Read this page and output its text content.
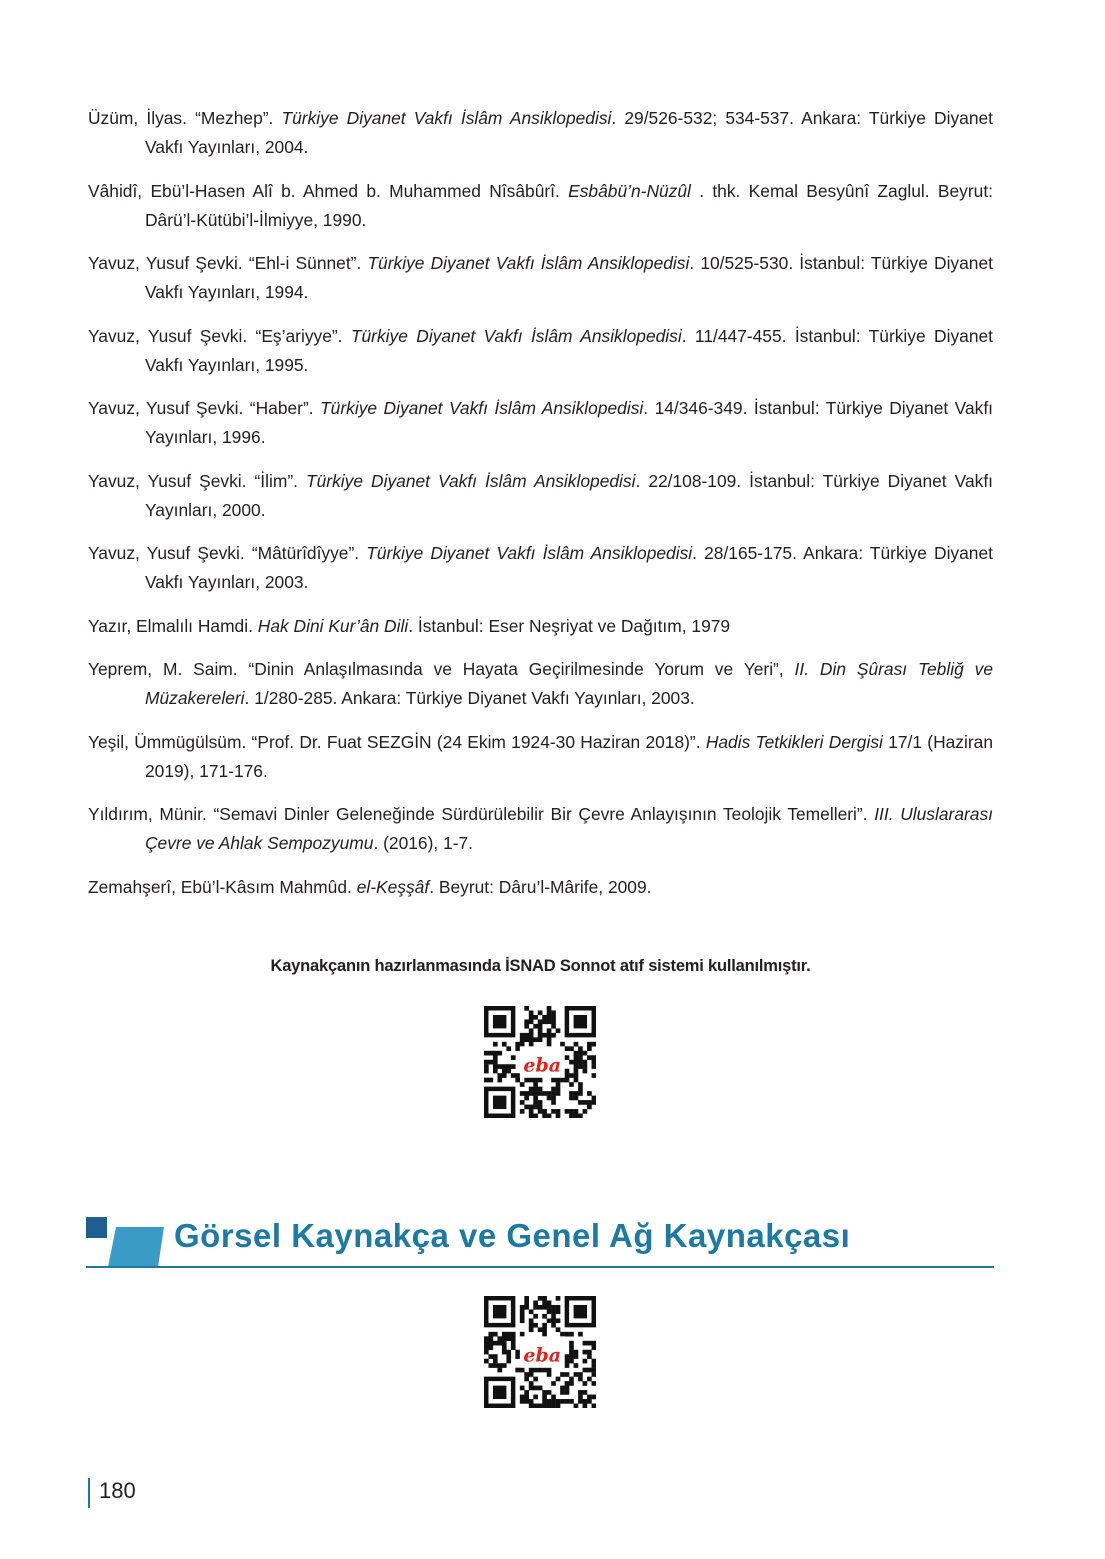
Üzüm, İlyas. “Mezhep”. Türkiye Diyanet Vakfı İslâm Ansiklopedisi. 29/526-532; 534-537. Ankara: Türkiye Diyanet Vakfı Yayınları, 2004.

Vâhidî, Ebü’l-Hasen Alî b. Ahmed b. Muhammed Nîsâbûrî. Esbâbü’n-Nüzûl . thk. Kemal Besyûnî Zaglul. Beyrut: Dârü’l-Kütübi’l-İlmiyye, 1990.

Yavuz, Yusuf Şevki. “Ehl-i Sünnet”. Türkiye Diyanet Vakfı İslâm Ansiklopedisi. 10/525-530. İstanbul: Türkiye Diyanet Vakfı Yayınları, 1994.

Yavuz, Yusuf Şevki. “Eş’ariyye”. Türkiye Diyanet Vakfı İslâm Ansiklopedisi. 11/447-455. İstanbul: Türkiye Diyanet Vakfı Yayınları, 1995.

Yavuz, Yusuf Şevki. “Haber”. Türkiye Diyanet Vakfı İslâm Ansiklopedisi. 14/346-349. İstanbul: Türkiye Diyanet Vakfı Yayınları, 1996.

Yavuz, Yusuf Şevki. “İlim”. Türkiye Diyanet Vakfı İslâm Ansiklopedisi. 22/108-109. İstanbul: Türkiye Diyanet Vakfı Yayınları, 2000.

Yavuz, Yusuf Şevki. “Mâtürîdîyye”. Türkiye Diyanet Vakfı İslâm Ansiklopedisi. 28/165-175. Ankara: Türkiye Diyanet Vakfı Yayınları, 2003.

Yazır, Elmalılı Hamdi. Hak Dini Kur’ân Dili. İstanbul: Eser Neşriyat ve Dağıtım, 1979

Yeprem, M. Saim. “Dinin Anlaşılmasında ve Hayata Geçirilmesinde Yorum ve Yeri”, II. Din Şûrası Tebliğ ve Müzakereleri. 1/280-285. Ankara: Türkiye Diyanet Vakfı Yayınları, 2003.

Yeşil, Ümmügülsüm. “Prof. Dr. Fuat SEZGİN (24 Ekim 1924-30 Haziran 2018)”. Hadis Tetkikleri Dergisi 17/1 (Haziran 2019), 171-176.

Yıldırım, Münir. “Semavi Dinler Geleneğinde Sürdürülebilir Bir Çevre Anlayışının Teolojik Temelleri”. III. Uluslararası Çevre ve Ahlak Sempozyumu. (2016), 1-7.

Zemahşerî, Ebü’l-Kâsım Mahmûd. el-Keşşâf. Beyrut: Dâru’l-Mârife, 2009.

Kaynakçanın hazırlanmasında İSNAD Sonnot atıf sistemi kullanılmıştır.
eba
Görsel Kaynakça ve Genel Ağ Kaynakçası
eba
180
